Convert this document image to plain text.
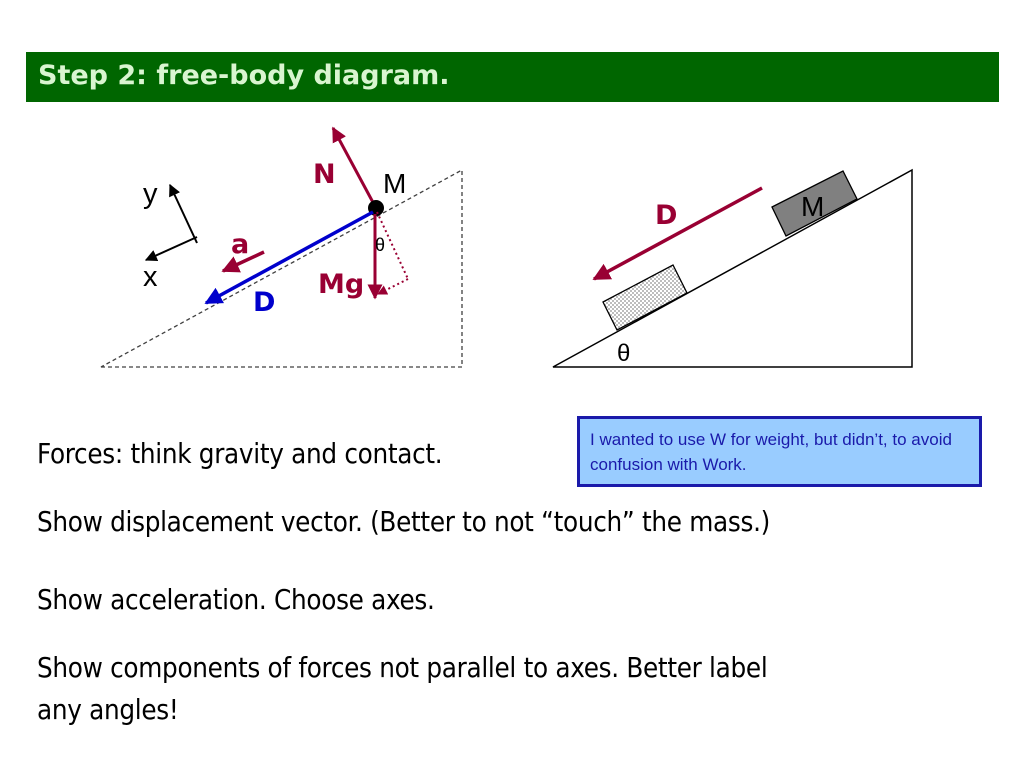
Step 2: free-body diagram.
y
x
N M
D
a
Mg
θ
M
D
θ
I wanted to use W for weight, but didn’t, to avoid confusion with Work.
Forces: think gravity and contact.
Show displacement vector. (Better to not “touch” the mass.)
Show acceleration. Choose axes.
Show components of forces not parallel to axes. Better label
any angles!
